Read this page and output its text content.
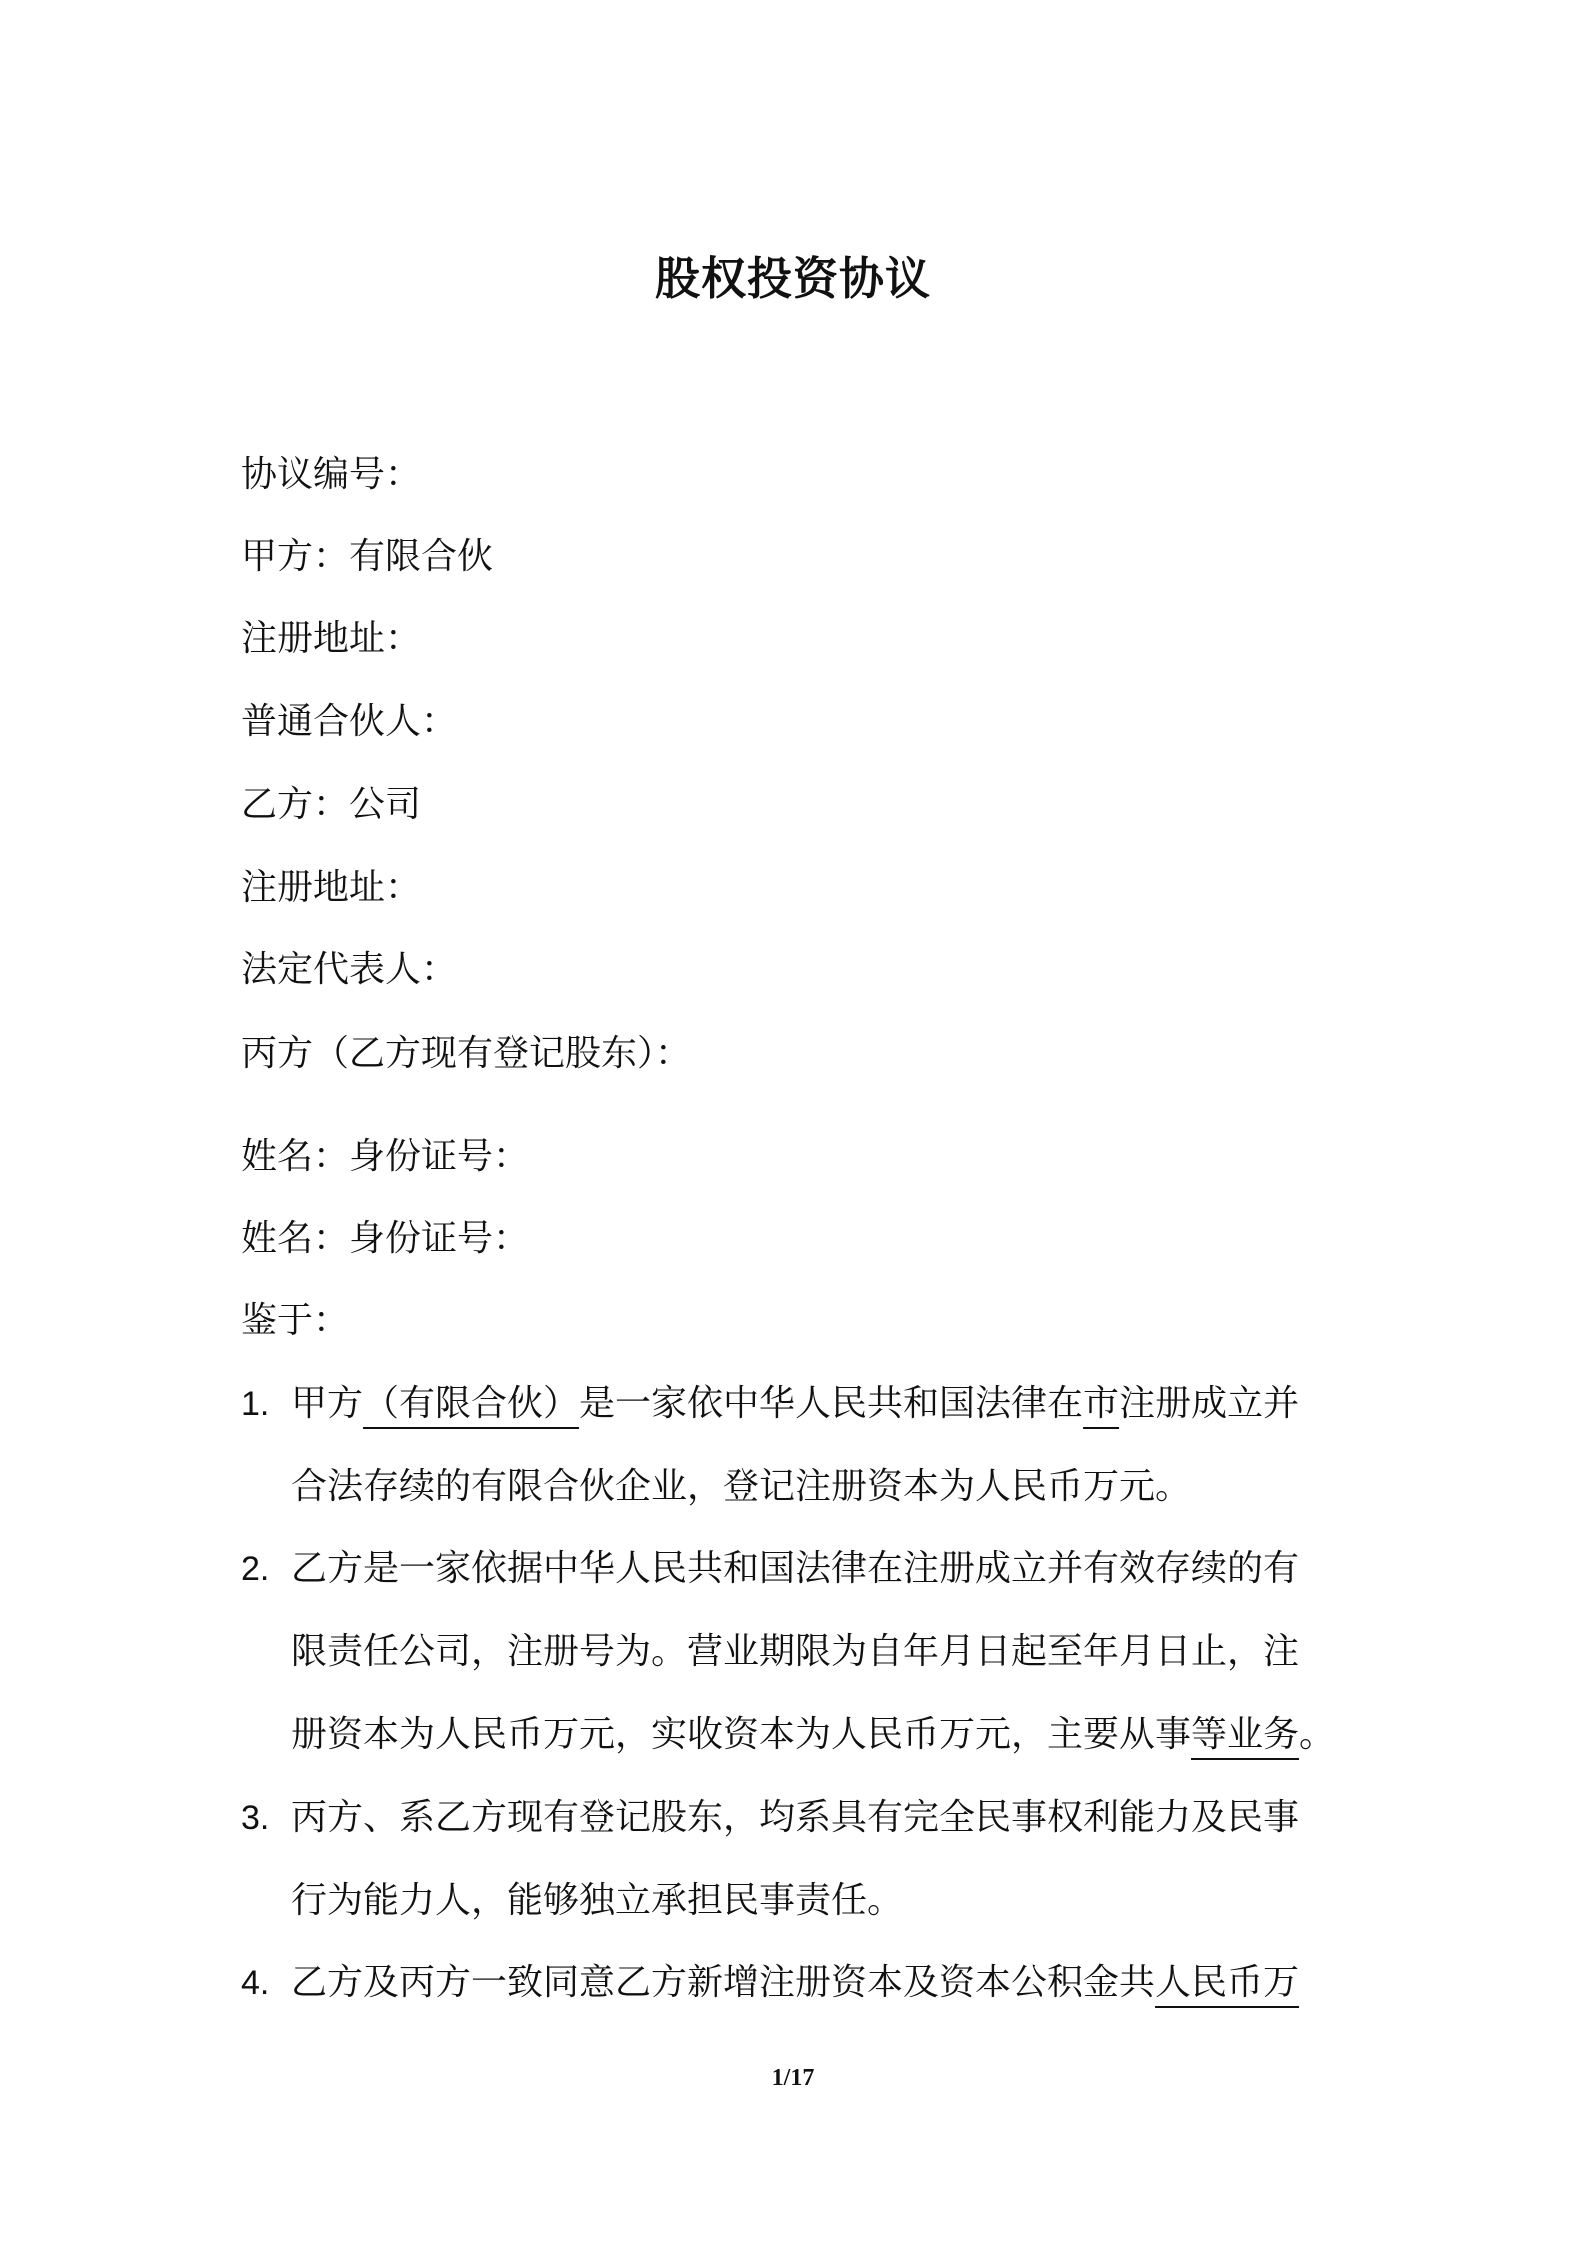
股权投资协议
协议编号：
甲方：有限合伙
注册地址：
普通合伙人：
乙方：公司
注册地址：
法定代表人：
丙方（乙方现有登记股东）：
姓名：身份证号：
姓名：身份证号：
鉴于：
1. 甲方（有限合伙）是一家依中华人民共和国法律在市注册成立并
合法存续的有限合伙企业，登记注册资本为人民币万元。
2. 乙方是一家依据中华人民共和国法律在注册成立并有效存续的有
限责任公司，注册号为。营业期限为自年月日起至年月日止，注
册资本为人民币万元，实收资本为人民币万元，主要从事等业务。
3. 丙方、系乙方现有登记股东，均系具有完全民事权利能力及民事
行为能力人，能够独立承担民事责任。
4. 乙方及丙方一致同意乙方新增注册资本及资本公积金共人民币万
1/17
